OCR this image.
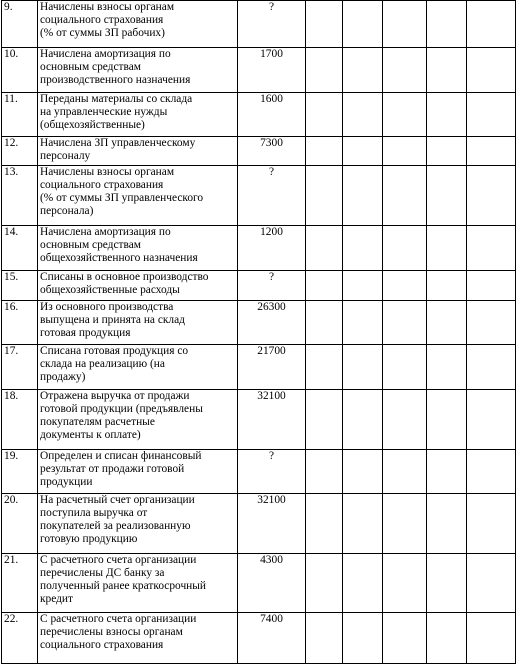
9.	Начислены взносы органам
социального страхования
(% от суммы ЗП рабочих)	?					
10.	Начислена амортизация по
основным средствам
производственного назначения	1700					
11.	Переданы материалы со склада
на управленческие нужды
(общехозяйственные)	1600					
12.	Начислена ЗП управленческому
персоналу	7300					
13.	Начислены взносы органам
социального страхования
(% от суммы ЗП управленческого
персонала)	?					
14.	Начислена амортизация по
основным средствам
общехозяйственного назначения	1200					
15.	Списаны в основное производство
общехозяйственные расходы	?					
16.	Из основного производства
выпущена и принята на склад
готовая продукция	26300					
17.	Списана готовая продукция со
склада на реализацию (на
продажу)	21700					
18.	Отражена выручка от продажи
готовой продукции (предъявлены
покупателям расчетные
документы к оплате)	32100					
19.	Определен и списан финансовый
результат от продажи готовой
продукции	?					
20.	На расчетный счет организации
поступила выручка от
покупателей за реализованную
готовую продукцию	32100					
21.	С расчетного счета организации
перечислены ДС банку за
полученный ранее краткосрочный
кредит	4300					
22.	С расчетного счета организации
перечислены взносы органам
социального страхования	7400					
